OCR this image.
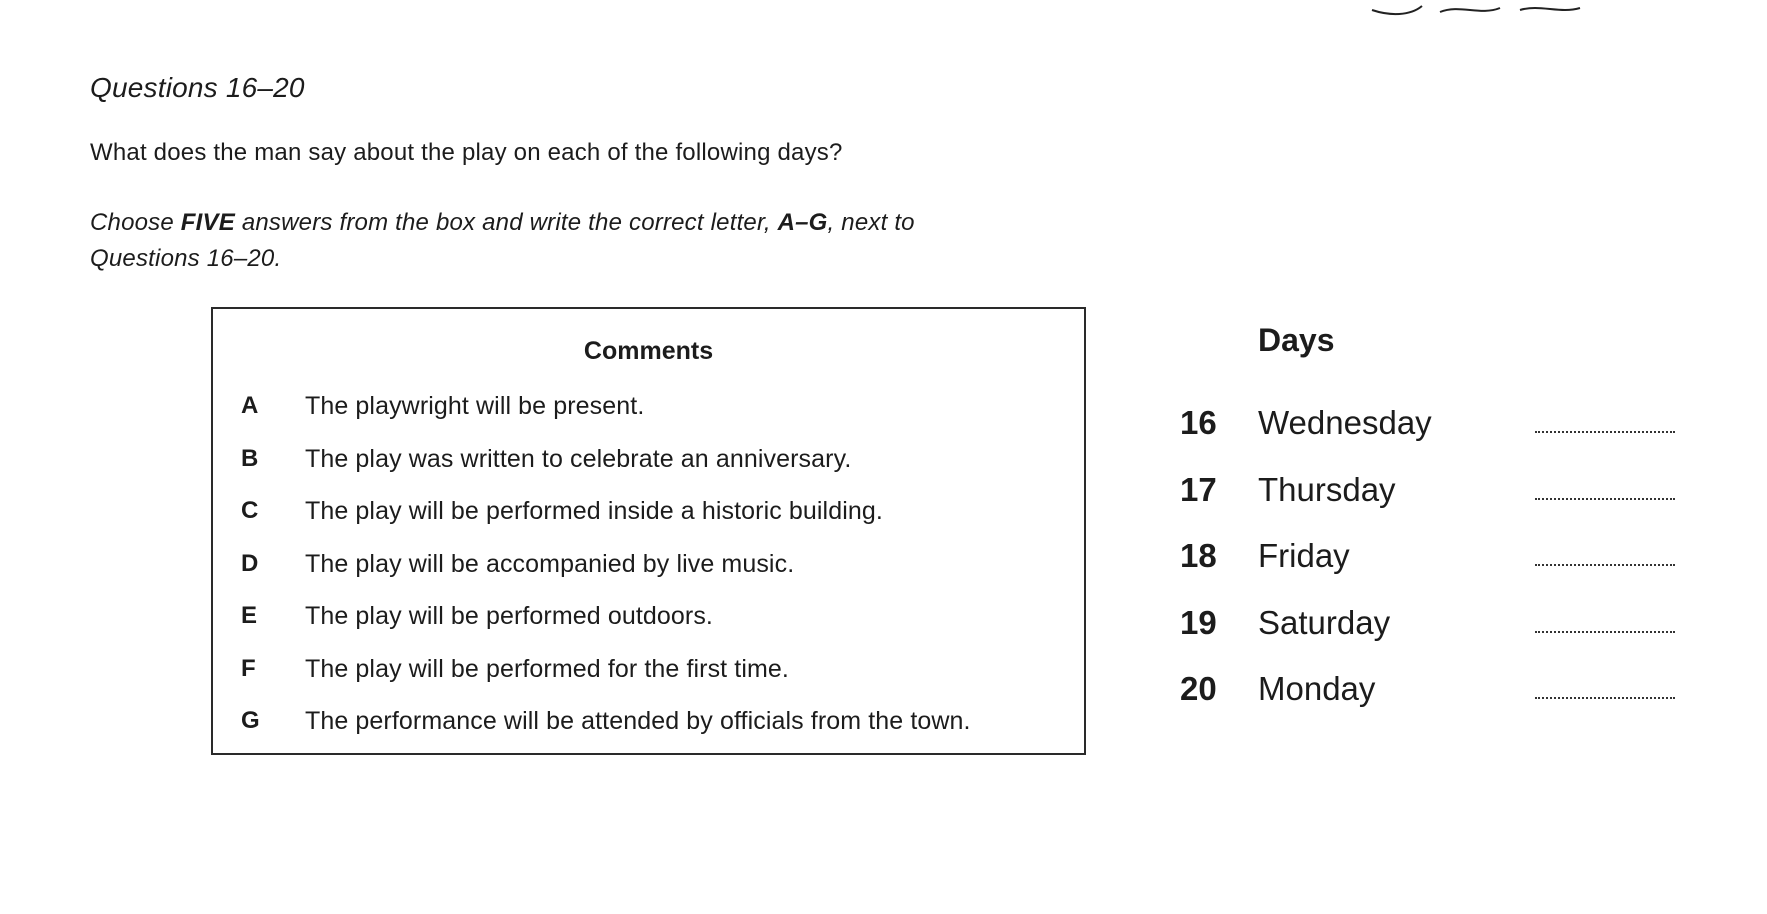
Questions 16–20
What does the man say about the play on each of the following days?
Choose FIVE answers from the box and write the correct letter, A–G, next to
Questions 16–20.
Comments
A	The playwright will be present.
B	The play was written to celebrate an anniversary.
C	The play will be performed inside a historic building.
D	The play will be accompanied by live music.
E	The play will be performed outdoors.
F	The play will be performed for the first time.
G	The performance will be attended by officials from the town.
Days
16 Wednesday
17 Thursday
18 Friday
19 Saturday
20 Monday
